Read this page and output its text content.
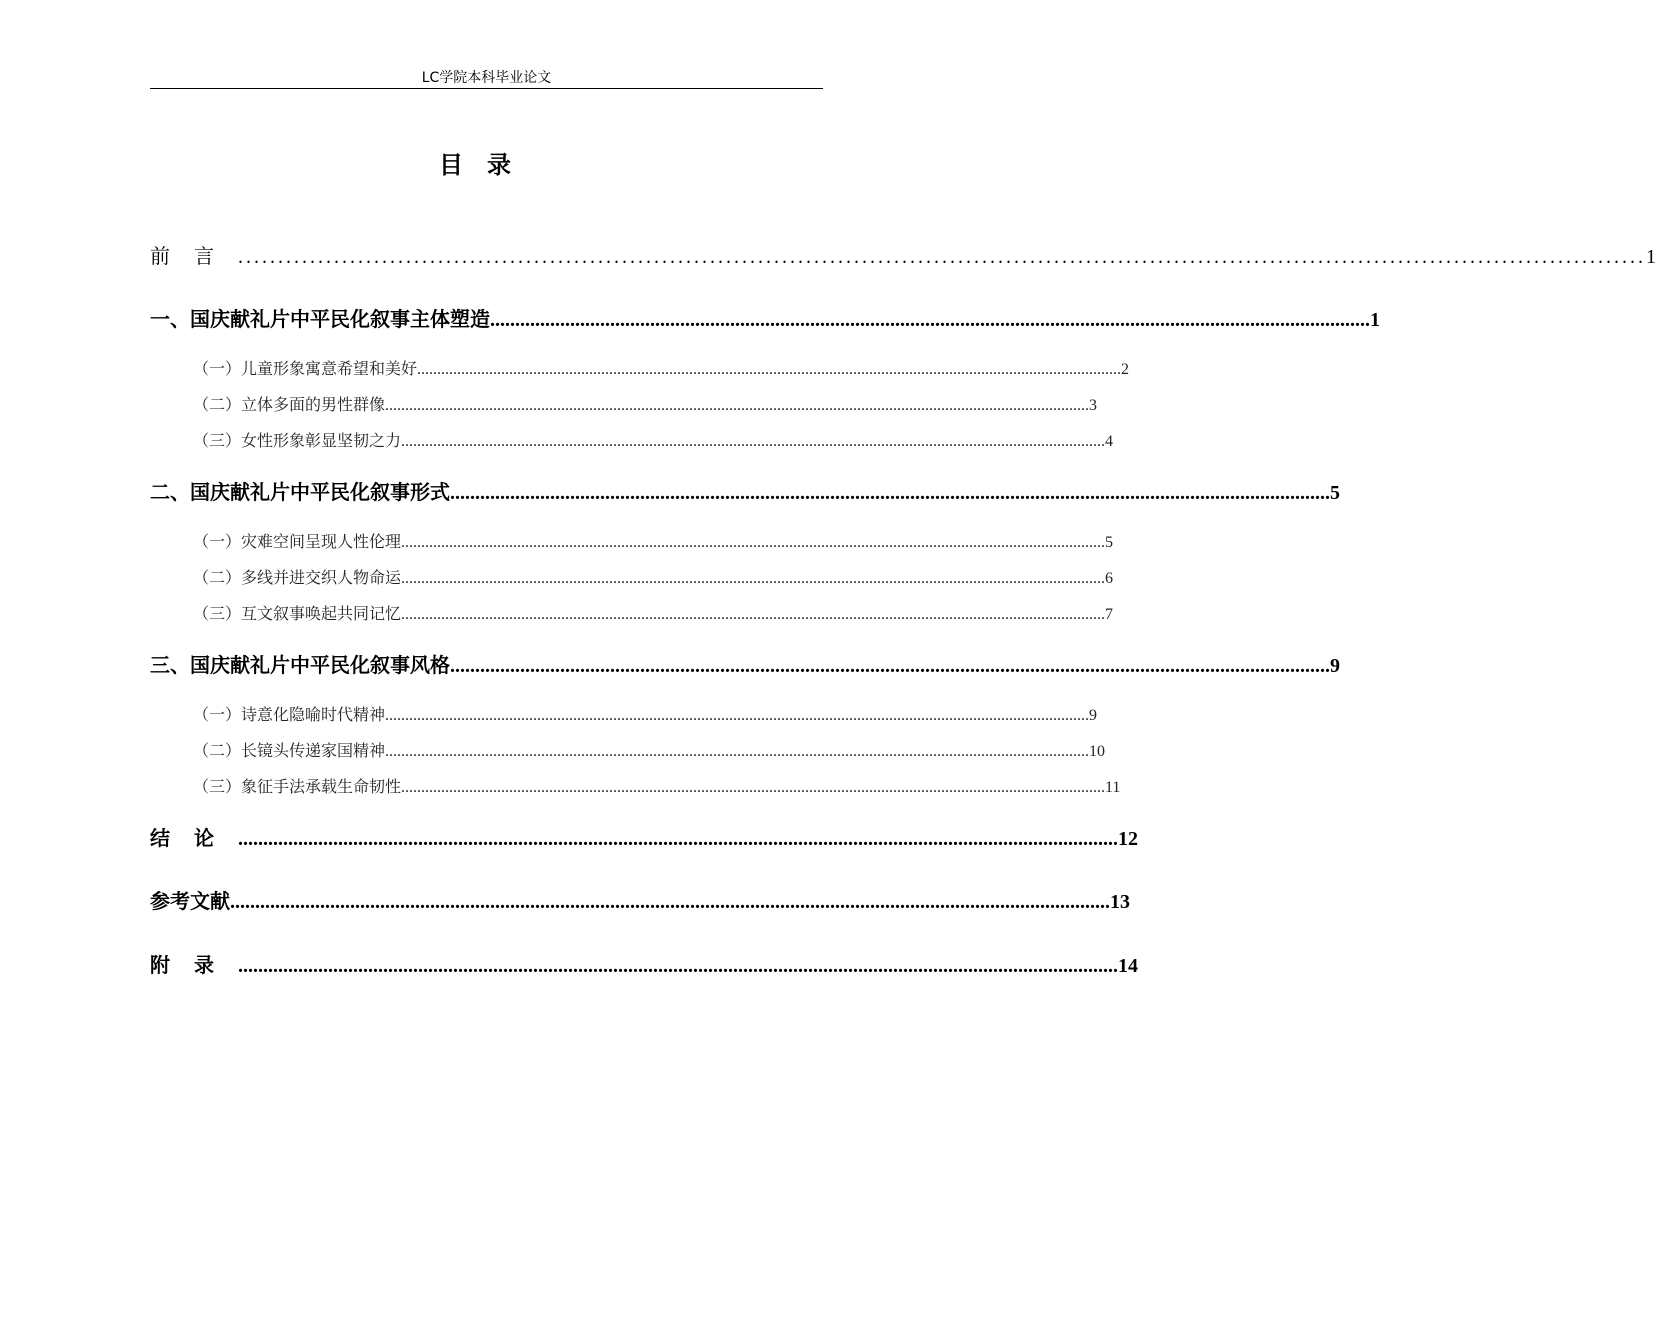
LC学院本科毕业论文
目录
前言 ................................................................................................................................................................................ 1
一、国庆献礼片中平民化叙事主体塑造 ................................................................................................................................................................................ 1
（一）儿童形象寓意希望和美好 ................................................................................................................................................................................ 2
（二）立体多面的男性群像 ................................................................................................................................................................................ 3
（三）女性形象彰显坚韧之力 ................................................................................................................................................................................ 4
二、国庆献礼片中平民化叙事形式 ................................................................................................................................................................................ 5
（一）灾难空间呈现人性伦理 ................................................................................................................................................................................ 5
（二）多线并进交织人物命运 ................................................................................................................................................................................ 6
（三）互文叙事唤起共同记忆 ................................................................................................................................................................................ 7
三、国庆献礼片中平民化叙事风格 ................................................................................................................................................................................ 9
（一）诗意化隐喻时代精神 ................................................................................................................................................................................ 9
（二）长镜头传递家国精神 ................................................................................................................................................................................ 10
（三）象征手法承载生命韧性 ................................................................................................................................................................................ 11
结论 ................................................................................................................................................................................ 12
参考文献 ................................................................................................................................................................................ 13
附录 ................................................................................................................................................................................ 14
